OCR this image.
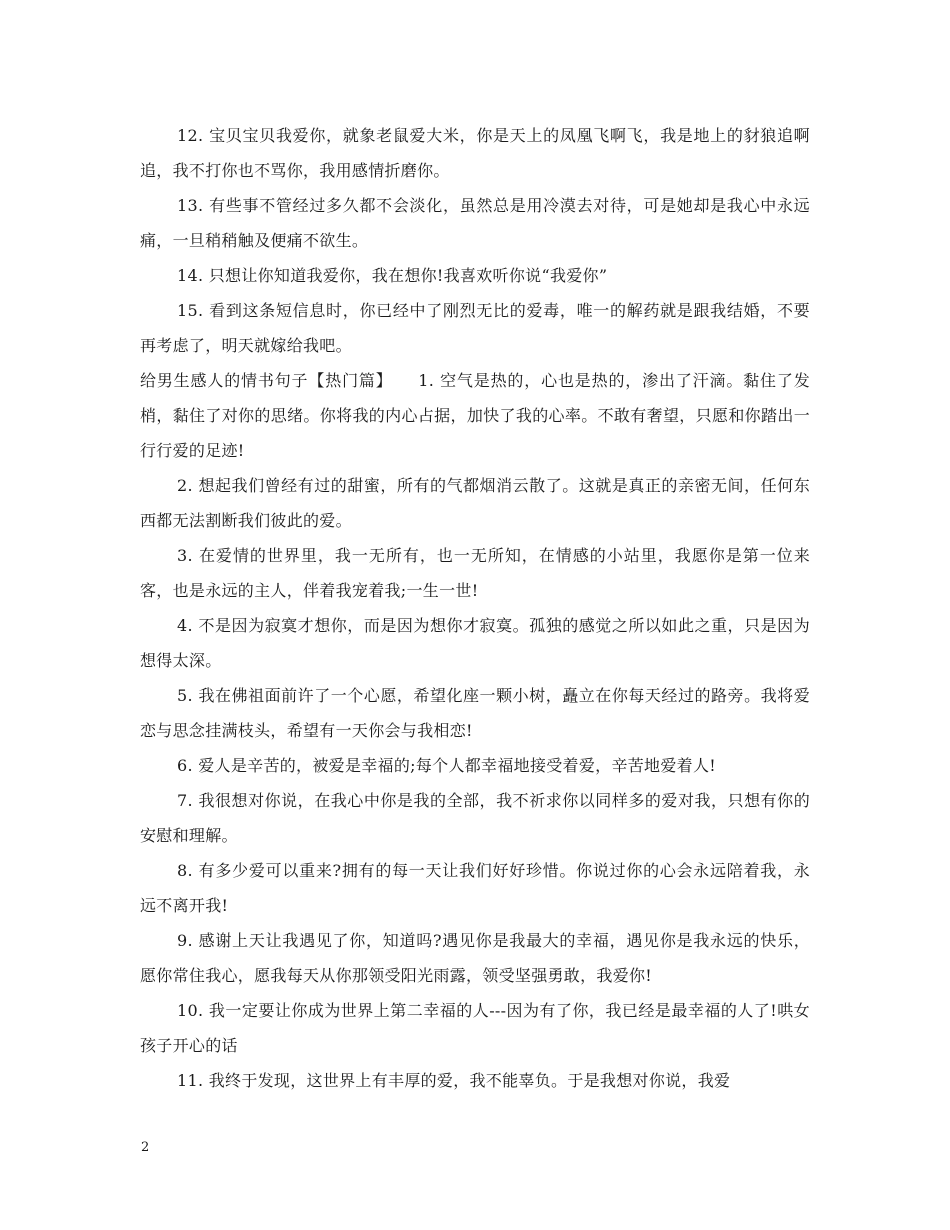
12. 宝贝宝贝我爱你，就象老鼠爱大米，你是天上的凤凰飞啊飞，我是地上的豺狼追啊追，我不打你也不骂你，我用感情折磨你。

13. 有些事不管经过多久都不会淡化，虽然总是用冷漠去对待，可是她却是我心中永远痛，一旦稍稍触及便痛不欲生。

14. 只想让你知道我爱你，我在想你!我喜欢听你说“我爱你”

15. 看到这条短信息时，你已经中了刚烈无比的爱毒，唯一的解药就是跟我结婚，不要再考虑了，明天就嫁给我吧。

给男生感人的情书句子【热门篇】　　1. 空气是热的，心也是热的，渗出了汗滴。黏住了发梢，黏住了对你的思绪。你将我的内心占据，加快了我的心率。不敢有奢望，只愿和你踏出一行行爱的足迹!

2. 想起我们曾经有过的甜蜜，所有的气都烟消云散了。这就是真正的亲密无间，任何东西都无法割断我们彼此的爱。

3. 在爱情的世界里，我一无所有，也一无所知，在情感的小站里，我愿你是第一位来客，也是永远的主人，伴着我宠着我;一生一世!

4. 不是因为寂寞才想你，而是因为想你才寂寞。孤独的感觉之所以如此之重，只是因为想得太深。

5. 我在佛祖面前许了一个心愿，希望化座一颗小树，矗立在你每天经过的路旁。我将爱恋与思念挂满枝头，希望有一天你会与我相恋!

6. 爱人是辛苦的，被爱是幸福的;每个人都幸福地接受着爱，辛苦地爱着人!

7. 我很想对你说，在我心中你是我的全部，我不祈求你以同样多的爱对我，只想有你的安慰和理解。

8. 有多少爱可以重来?拥有的每一天让我们好好珍惜。你说过你的心会永远陪着我，永远不离开我!

9. 感谢上天让我遇见了你，知道吗?遇见你是我最大的幸福，遇见你是我永远的快乐，愿你常住我心，愿我每天从你那领受阳光雨露，领受坚强勇敢，我爱你!

10. 我一定要让你成为世界上第二幸福的人---因为有了你，我已经是最幸福的人了!哄女孩子开心的话

11. 我终于发现，这世界上有丰厚的爱，我不能辜负。于是我想对你说，我爱

2
